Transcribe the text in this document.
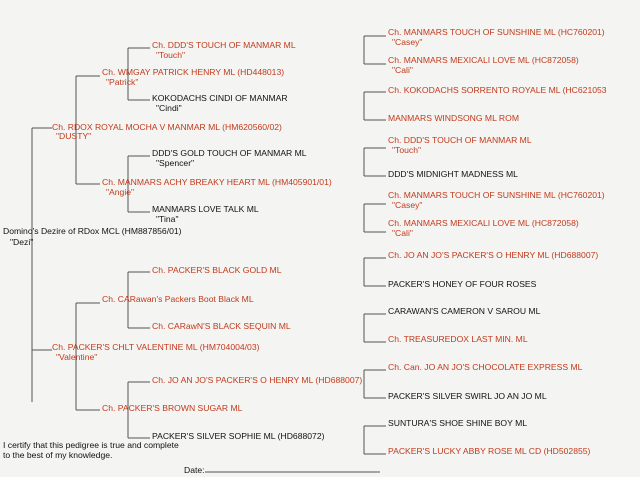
Domino's Dezire of RDox MCL (HM887856/01)
"Dezi"
Ch. RDOX ROYAL MOCHA V MANMAR ML (HM620560/02)
"DUSTY"
Ch. PACKER'S CHLT VALENTINE ML (HM704004/03)
"Valentine"
Ch. WMGAY PATRICK HENRY ML (HD448013)
"Patrick"
Ch. MANMARS ACHY BREAKY HEART ML (HM405901/01)
"Angie"
Ch. CARawan's Packers Boot Black ML
Ch. PACKER'S BROWN SUGAR ML
Ch. DDD'S TOUCH OF MANMAR ML
"Touch"
KOKODACHS CINDI OF MANMAR
"Cindi"
DDD'S GOLD TOUCH OF MANMAR ML
"Spencer"
MANMARS LOVE TALK ML
"Tina"
Ch. PACKER'S BLACK GOLD ML
Ch. CARawN'S BLACK SEQUIN ML
Ch. JO AN JO'S PACKER'S O HENRY ML (HD688007)
PACKER'S SILVER SOPHIE ML (HD688072)
Ch. MANMARS TOUCH OF SUNSHINE ML (HC760201)
"Casey"
Ch. MANMARS MEXICALI LOVE ML (HC872058)
"Cali"
Ch. KOKODACHS SORRENTO ROYALE ML (HC621053
MANMARS WINDSONG ML ROM
Ch. DDD'S TOUCH OF MANMAR ML
"Touch"
DDD'S MIDNIGHT MADNESS ML
Ch. MANMARS TOUCH OF SUNSHINE ML (HC760201)
"Casey"
Ch. MANMARS MEXICALI LOVE ML (HC872058)
"Cali"
Ch. JO AN JO'S PACKER'S O HENRY ML (HD688007)
PACKER'S HONEY OF FOUR ROSES
CARAWAN'S CAMERON V SAROU ML
Ch. TREASUREDOX LAST MIN. ML
Ch. Can. JO AN JO'S CHOCOLATE EXPRESS ML
PACKER'S SILVER SWIRL JO AN JO ML
SUNTURA'S SHOE SHINE BOY ML
PACKER'S LUCKY ABBY ROSE ML CD (HD502855)
I certify that this pedigree is true and complete
to the best of my knowledge.
Date:
